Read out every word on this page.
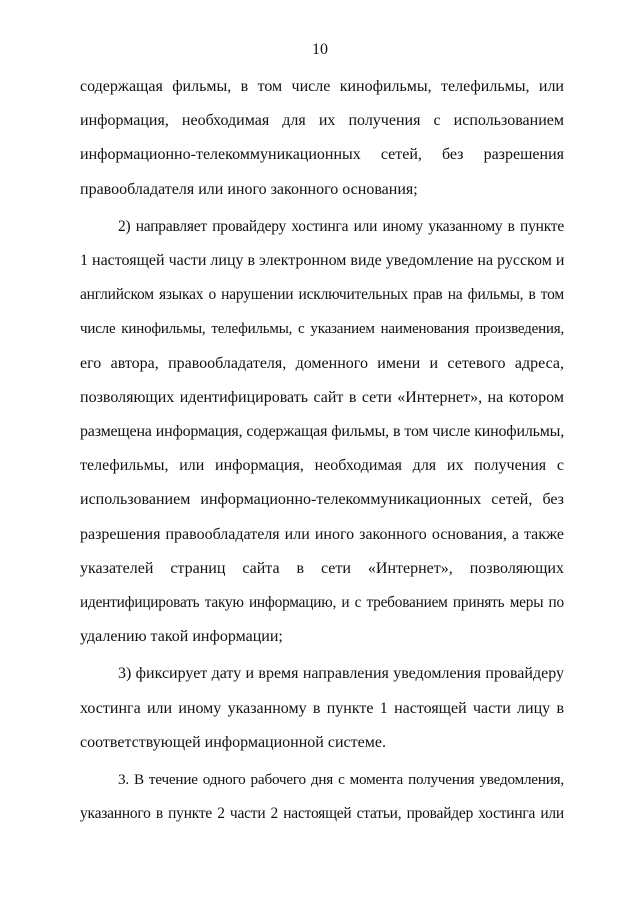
10
содержащая фильмы, в том числе кинофильмы, телефильмы, или
информация, необходимая для их получения с использованием
информационно-телекоммуникационных сетей, без разрешения
правообладателя или иного законного основания;
2) направляет провайдеру хостинга или иному указанному в пункте
1 настоящей части лицу в электронном виде уведомление на русском и
английском языках о нарушении исключительных прав на фильмы, в том
числе кинофильмы, телефильмы, с указанием наименования произведения,
его автора, правообладателя, доменного имени и сетевого адреса,
позволяющих идентифицировать сайт в сети «Интернет», на котором
размещена информация, содержащая фильмы, в том числе кинофильмы,
телефильмы, или информация, необходимая для их получения с
использованием информационно-телекоммуникационных сетей, без
разрешения правообладателя или иного законного основания, а также
указателей страниц сайта в сети «Интернет», позволяющих
идентифицировать такую информацию, и с требованием принять меры по
удалению такой информации;
3) фиксирует дату и время направления уведомления провайдеру
хостинга или иному указанному в пункте 1 настоящей части лицу в
соответствующей информационной системе.
3. В течение одного рабочего дня с момента получения уведомления,
указанного в пункте 2 части 2 настоящей статьи, провайдер хостинга или
